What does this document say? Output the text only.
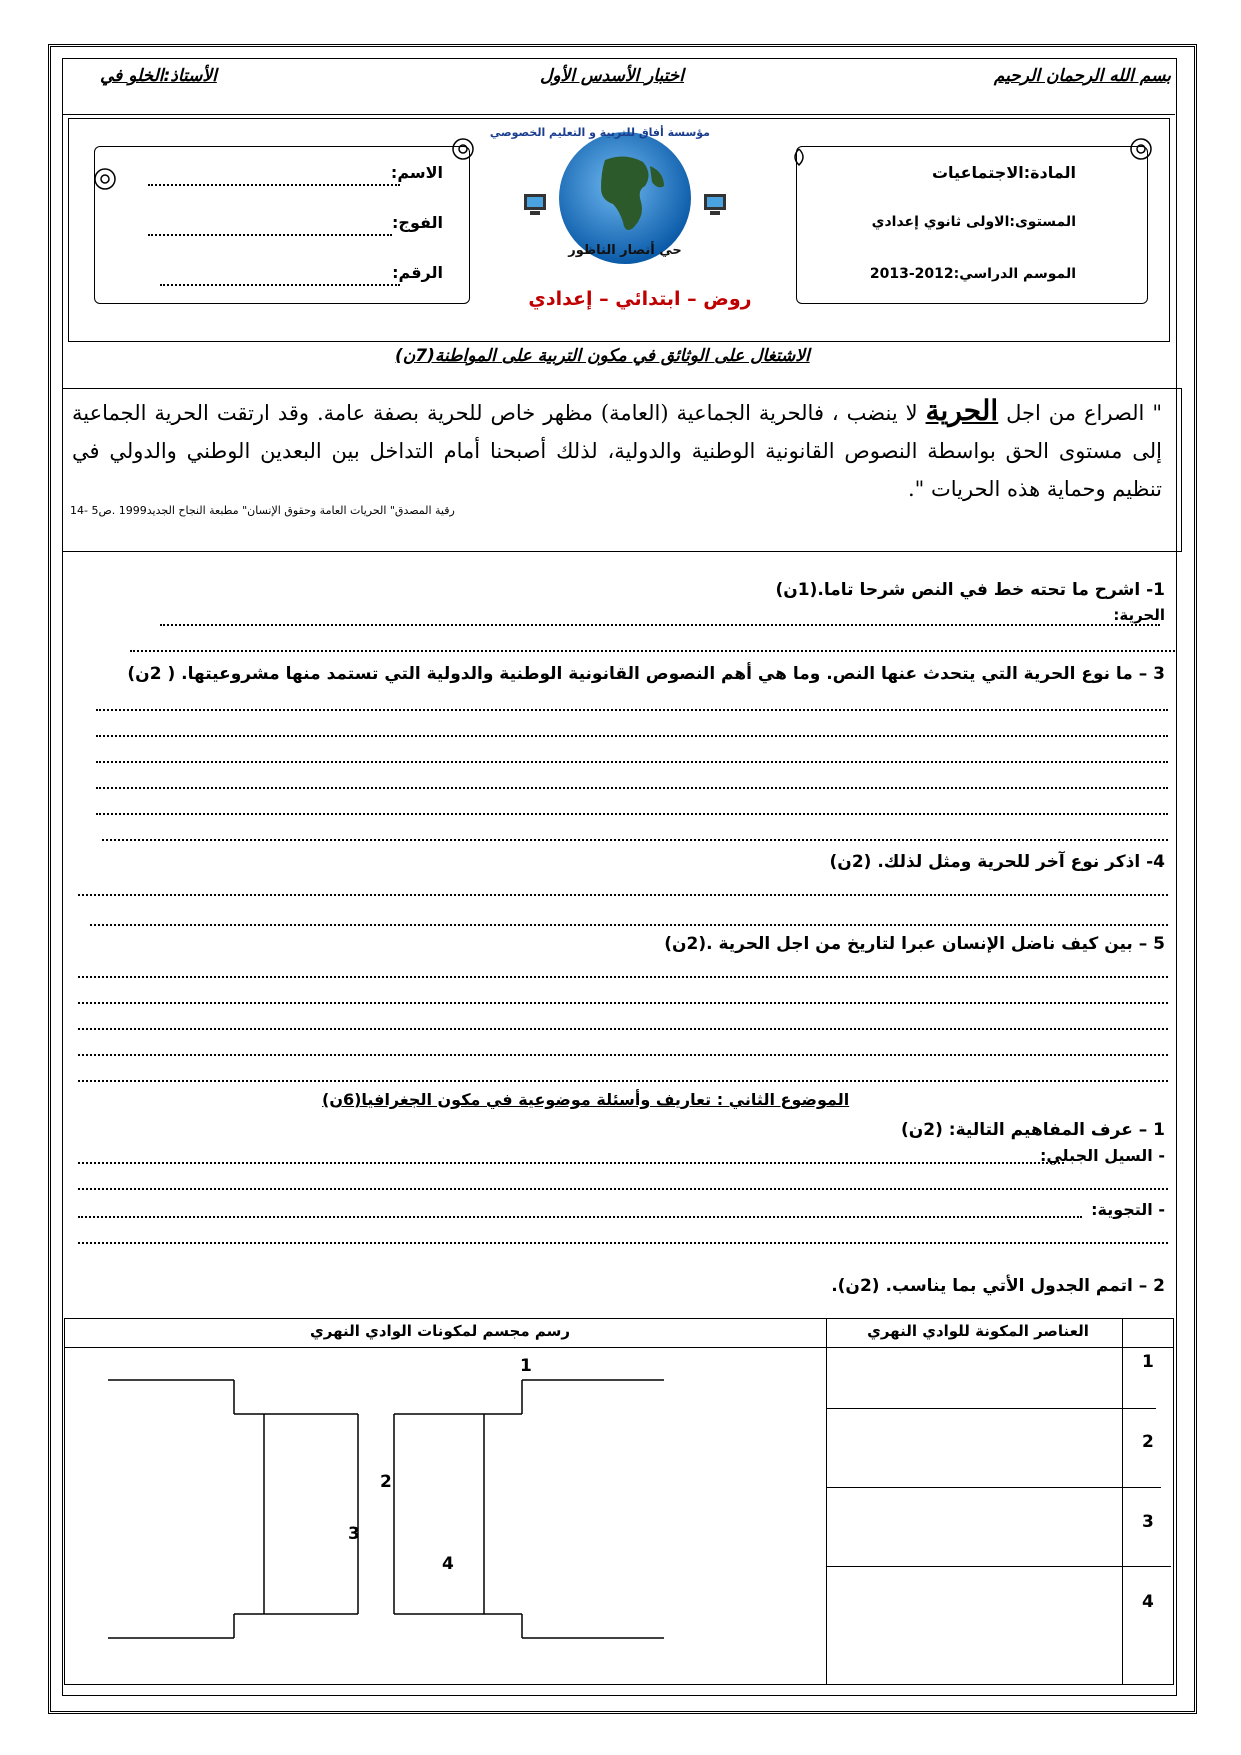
بسم الله الرحمان الرحيم
اختبار الأسدس الأول
الأستاذ:الخلو في
المادة:الاجتماعيات
المستوى:الاولى ثانوي إعدادي
الموسم الدراسي:2012-2013
مؤسسة أفاق للتربية و التعليم الخصوصي
حي أنصار الناظور
روض – ابتدائي – إعدادي
الاسم:
الفوج:
الرقم:
الاشتغال على الوثائق في مكون التربية على المواطنة(7ن)
" الصراع من اجل الحرية لا ينضب ، فالحرية الجماعية (العامة) مظهر خاص للحرية بصفة عامة. وقد ارتقت الحرية الجماعية إلى مستوى الحق بواسطة النصوص القانونية الوطنية والدولية، لذلك أصبحنا أمام التداخل بين البعدين الوطني والدولي في تنظيم وحماية هذه الحريات ".
رقية المصدق" الحريات العامة وحقوق الإنسان" مطبعة النجاح الجديد1999 .ص5 -14
1- اشرح ما تحته خط في النص شرحا تاما.(1ن)
الحرية:
3 – ما نوع الحرية التي يتحدث عنها النص. وما هي أهم النصوص القانونية الوطنية والدولية التي تستمد منها مشروعيتها. ( 2ن)
4- اذكر نوع آخر للحرية ومثل لذلك. (2ن)
5 – بين كيف ناضل الإنسان عبرا لتاريخ من اجل الحرية .(2ن)
الموضوع الثاني : تعاريف وأسئلة موضوعية في مكون الجغرافيا(6ن)
1 – عرف المفاهيم التالية: (2ن)
- السيل الجبلي:
- التجوية:
2 – اتمم الجدول الأتي بما يناسب. (2ن).
العناصر المكونة للوادي النهري
رسم مجسم لمكونات الوادي النهري
1
2
3
4
1
2
3
4
